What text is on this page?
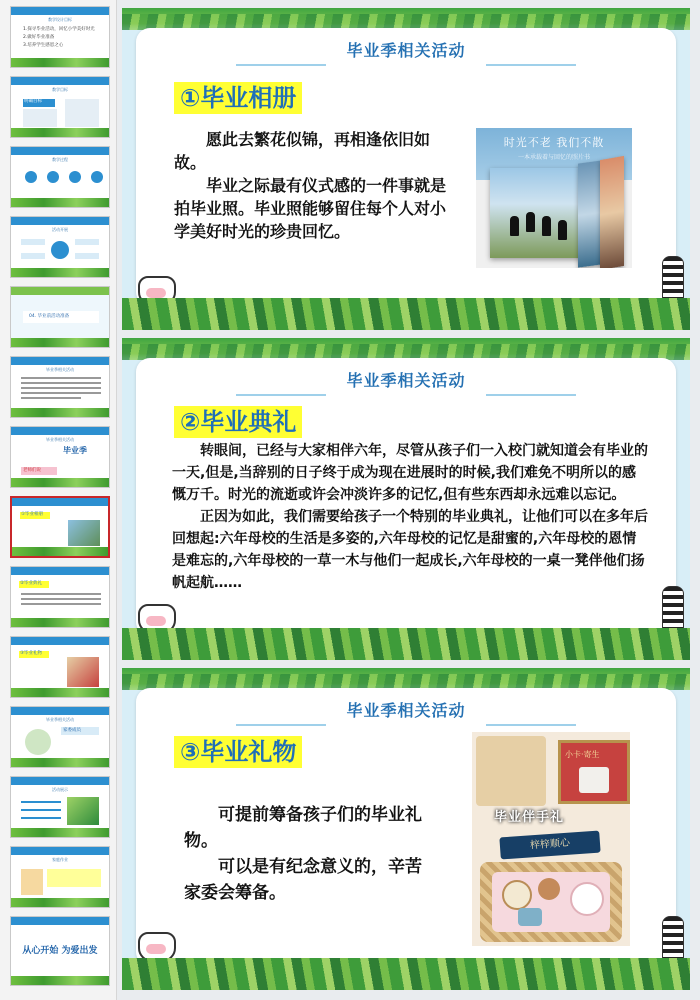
教学设计目标
1.探寻毕业活动，回忆小学美好时光
2.做好毕业准备
3.培养学生感恩之心
教学目标
明确目标
教学过程
活动开展
04. 毕业前活动准备
毕业季相关活动
毕业季相关活动
毕业季
老师们说
①毕业相册
②毕业典礼
③毕业礼物
毕业季相关活动
家委成员
活动展示
家庭作业
从心开始 为爱出发
毕业季相关活动
①毕业相册

愿此去繁花似锦，再相逢依旧如故。

毕业之际最有仪式感的一件事就是拍毕业照。毕业照能够留住每个人对小学美好时光的珍贵回忆。

时光不老 我们不散
一本承载着与回忆的照片书
毕业季相关活动
②毕业典礼

转眼间，已经与大家相伴六年，尽管从孩子们一入校门就知道会有毕业的一天,但是,当辞别的日子终于成为现在进展时的时候,我们难免不明所以的感慨万千。时光的流逝或许会冲淡许多的记忆,但有些东西却永远难以忘记。

正因为如此，我们需要给孩子一个特别的毕业典礼，让他们可以在多年后回想起:六年母校的生活是多姿的,六年母校的记忆是甜蜜的,六年母校的恩情是难忘的,六年母校的一草一木与他们一起成长,六年母校的一桌一凳伴他们扬帆起航……

毕业季相关活动
③毕业礼物

可提前筹备孩子们的毕业礼物。

可以是有纪念意义的，辛苦家委会筹备。

小卡·寄生
毕业伴手礼
梓梓顺心
